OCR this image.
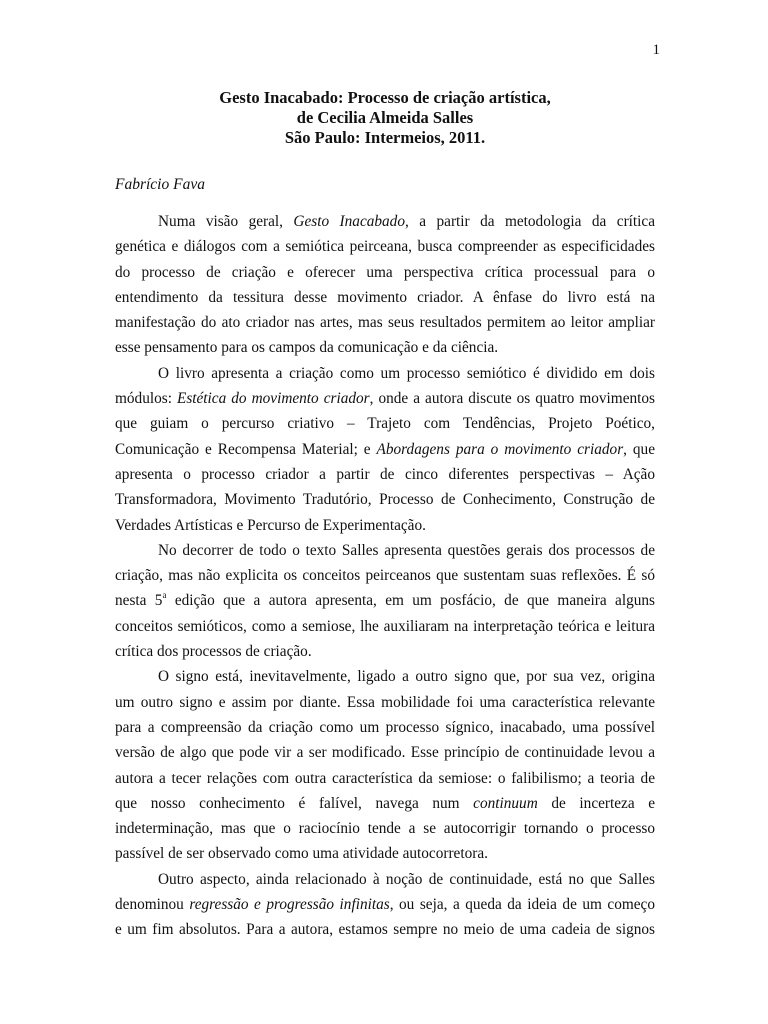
1
Gesto Inacabado: Processo de criação artística,
de Cecilia Almeida Salles
São Paulo: Intermeios, 2011.
Fabrício Fava
Numa visão geral, Gesto Inacabado, a partir da metodologia da crítica
genética e diálogos com a semiótica peirceana, busca compreender as especificidades
do processo de criação e oferecer uma perspectiva crítica processual para o
entendimento da tessitura desse movimento criador. A ênfase do livro está na
manifestação do ato criador nas artes, mas seus resultados permitem ao leitor ampliar
esse pensamento para os campos da comunicação e da ciência.
O livro apresenta a criação como um processo semiótico é dividido em dois
módulos: Estética do movimento criador, onde a autora discute os quatro movimentos
que guiam o percurso criativo – Trajeto com Tendências, Projeto Poético,
Comunicação e Recompensa Material; e Abordagens para o movimento criador, que
apresenta o processo criador a partir de cinco diferentes perspectivas – Ação
Transformadora, Movimento Tradutório, Processo de Conhecimento, Construção de
Verdades Artísticas e Percurso de Experimentação.
No decorrer de todo o texto Salles apresenta questões gerais dos processos de
criação, mas não explicita os conceitos peirceanos que sustentam suas reflexões. É só
nesta 5$^a$ edição que a autora apresenta, em um posfácio, de que maneira alguns
conceitos semióticos, como a semiose, lhe auxiliaram na interpretação teórica e leitura
crítica dos processos de criação.
O signo está, inevitavelmente, ligado a outro signo que, por sua vez, origina
um outro signo e assim por diante. Essa mobilidade foi uma característica relevante
para a compreensão da criação como um processo sígnico, inacabado, uma possível
versão de algo que pode vir a ser modificado. Esse princípio de continuidade levou a
autora a tecer relações com outra característica da semiose: o falibilismo; a teoria de
que nosso conhecimento é falível, navega num continuum de incerteza e
indeterminação, mas que o raciocínio tende a se autocorrigir tornando o processo
passível de ser observado como uma atividade autocorretora.
Outro aspecto, ainda relacionado à noção de continuidade, está no que Salles
denominou regressão e progressão infinitas, ou seja, a queda da ideia de um começo
e um fim absolutos. Para a autora, estamos sempre no meio de uma cadeia de signos
